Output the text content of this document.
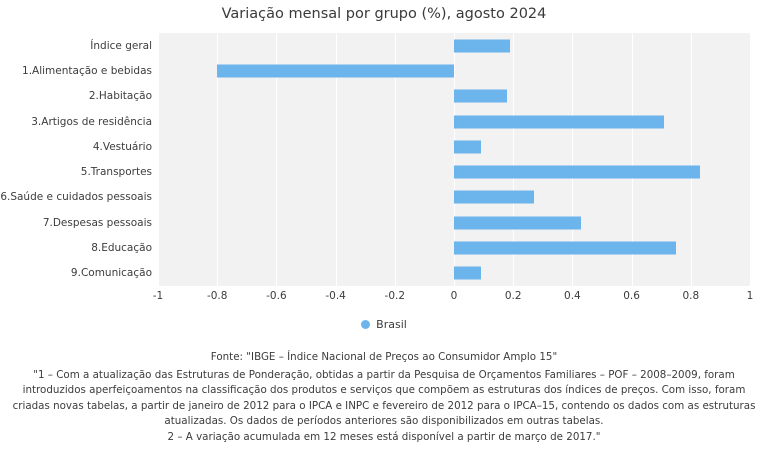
Variação mensal por grupo (%), agosto 2024
Índice geral
1.Alimentação e bebidas
2.Habitação
3.Artigos de residência
4.Vestuário
5.Transportes
6.Saúde e cuidados pessoais
7.Despesas pessoais
8.Educação
9.Comunicação
-1	-0.8	-0.6	-0.4	-0.2	0	0.2	0.4	0.6	0.8	1
Brasil
Fonte: "IBGE – Índice Nacional de Preços ao Consumidor Amplo 15"
"1 – Com a atualização das Estruturas de Ponderação, obtidas a partir da Pesquisa de Orçamentos Familiares – POF – 2008–2009, foram introduzidos aperfeiçoamentos na classificação dos produtos e serviços que compõem as estruturas dos índices de preços. Com isso, foram criadas novas tabelas, a partir de janeiro de 2012 para o IPCA e INPC e fevereiro de 2012 para o IPCA–15, contendo os dados com as estruturas atualizadas. Os dados de períodos anteriores são disponibilizados em outras tabelas.
2 – A variação acumulada em 12 meses está disponível a partir de março de 2017."
